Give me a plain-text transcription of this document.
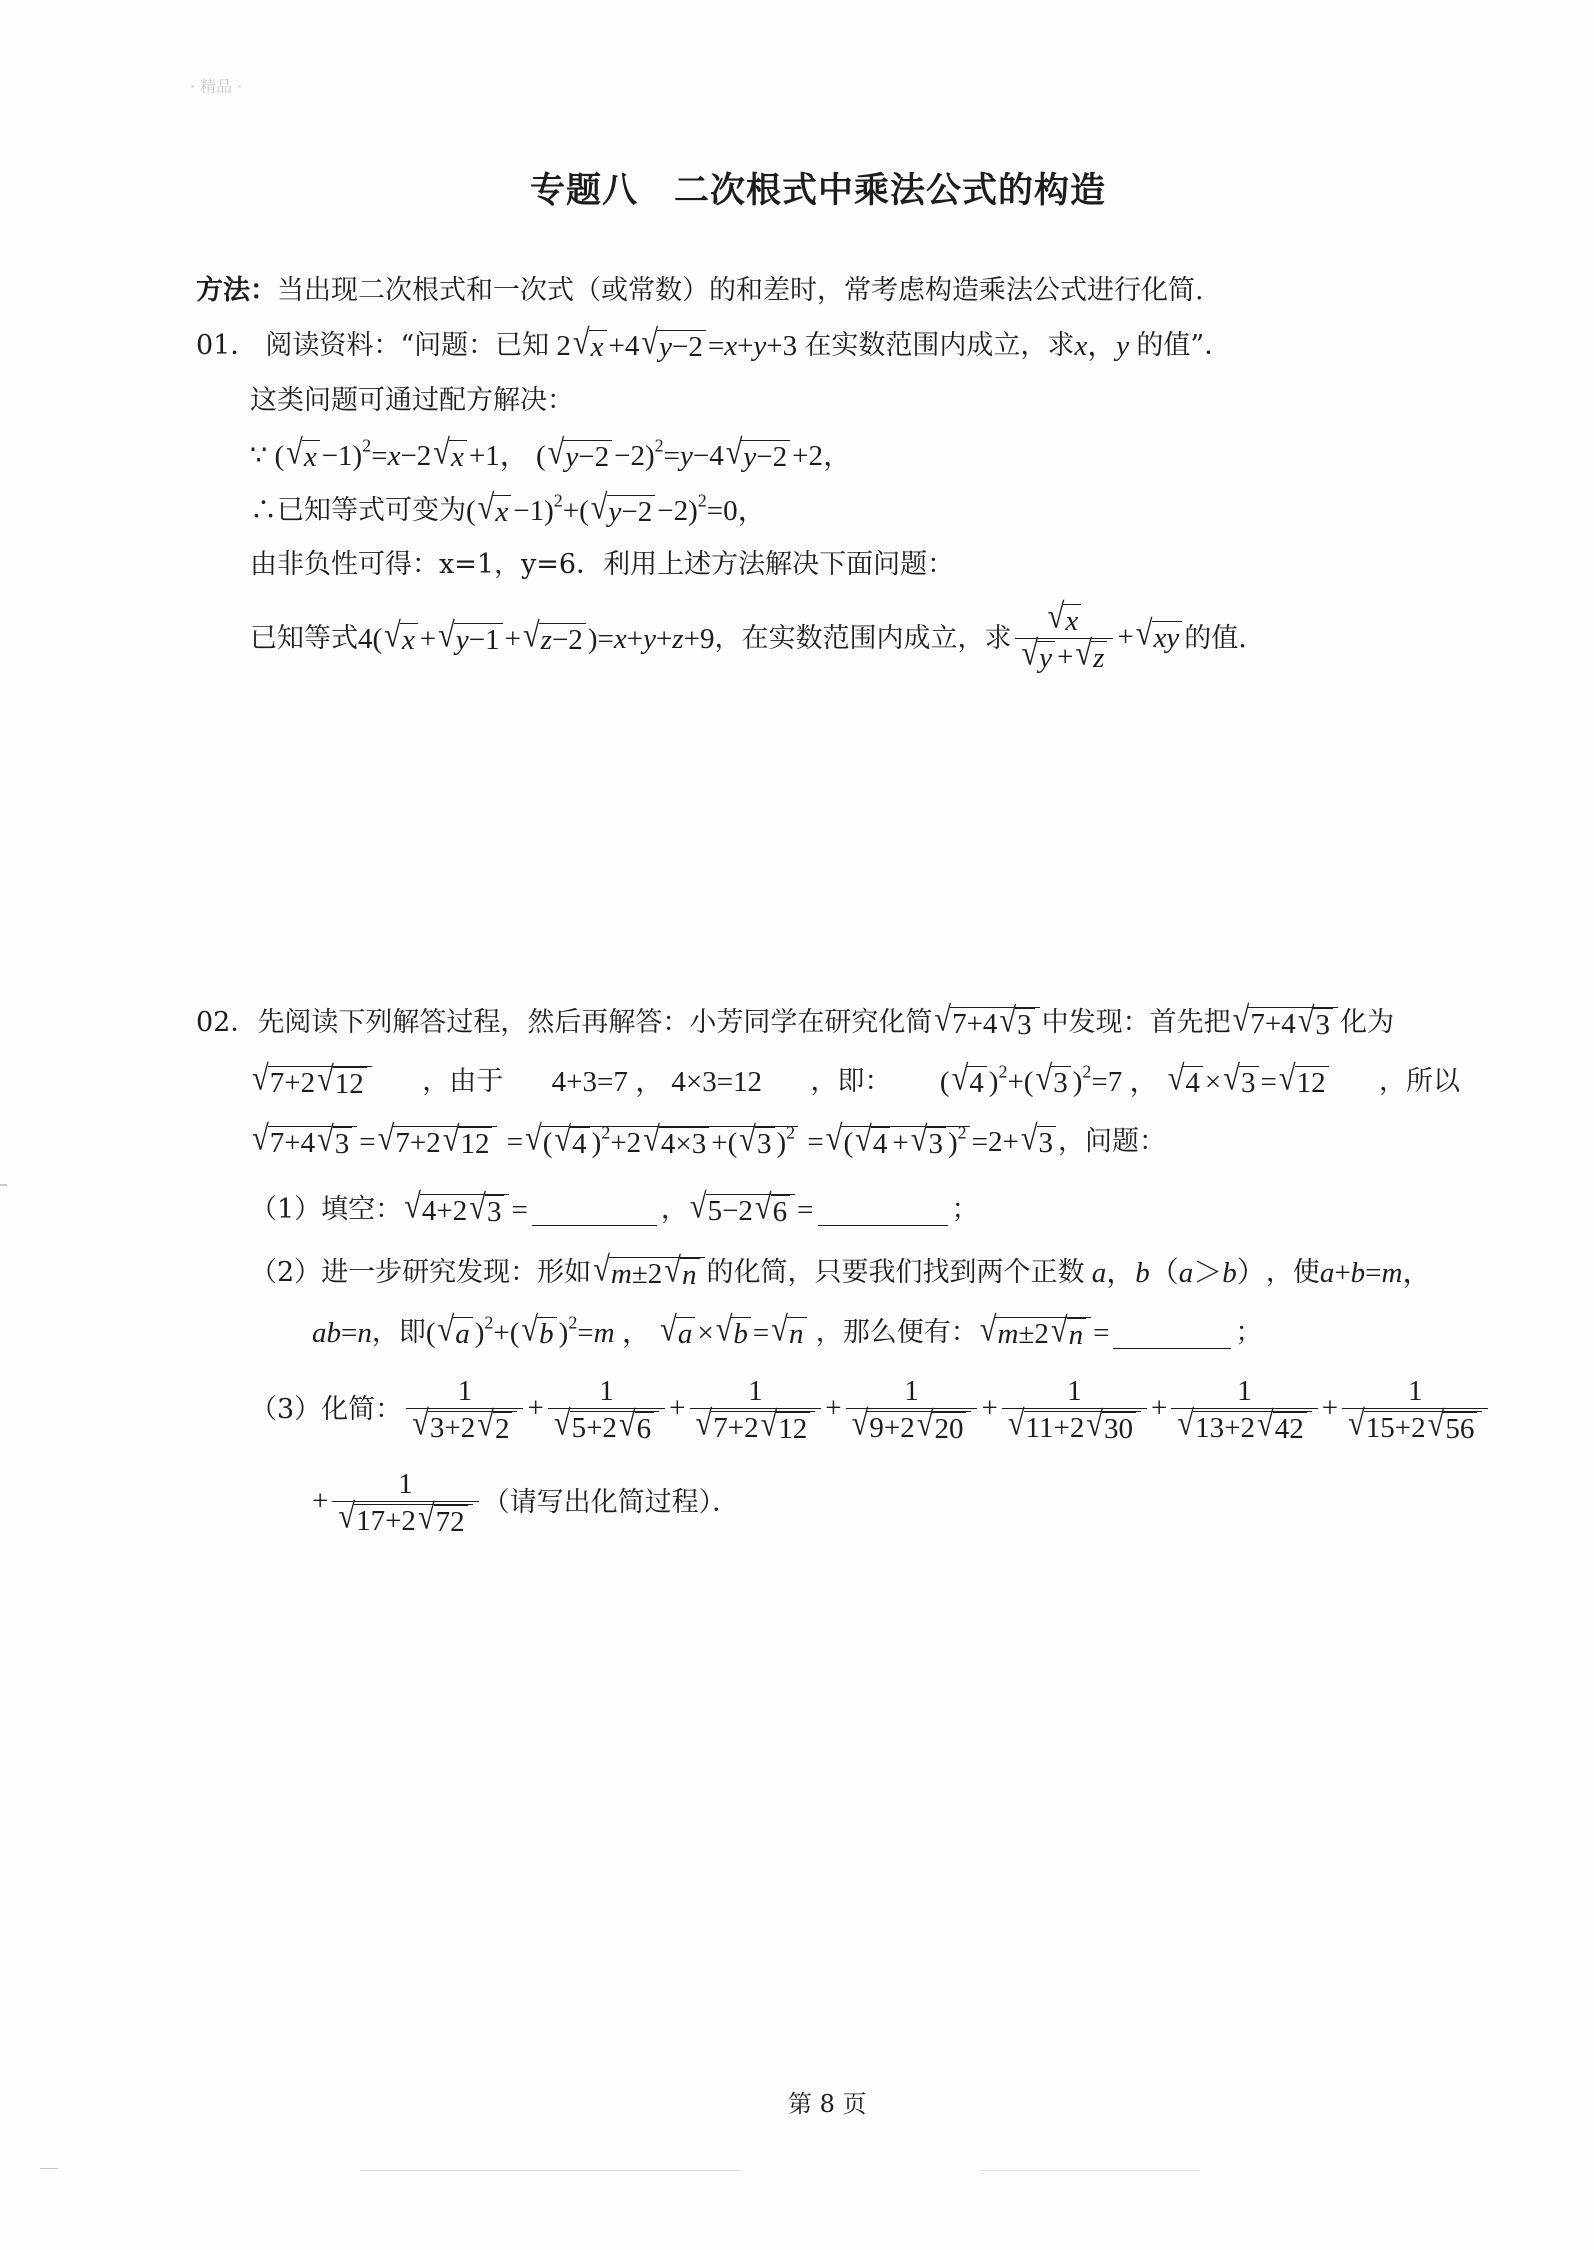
· 精品 ·
专题八　二次根式中乘法公式的构造
方法： 当出现二次根式和一次式（或常数）的和差时，常考虑构造乘法公式进行化简.
01． 阅读资料：“问题：已知 2 √ x +4 √ y−2 =x+y+3 在实数范围内成立，求 x，y 的值”．
这类问题可通过配方解决：
∵ ( √ x −1)$^2$=x−2 √ x +1， ( √ y−2 −2)$^2$=y−4 √ y−2 +2，
∴已知等式可变为 ( √ x −1)$^2$+( √ y−2 −2)$^2$=0，
由非负性可得：x=1，y=6．利用上述方法解决下面问题：
已知等式 4( √ x + √ y−1 + √ z−2 )=x+y+z+9 ，在实数范围内成立，求 $\frac{√ x}{√ y + √ z}$ + √ xy 的值.
02． 先阅读下列解答过程，然后再解答：小芳同学在研究化简 √ 7+4 √ 3 中发现：首先把 √ 7+4 √ 3 化为
√ 7+2 √ 12 ，由于 4+3=7 ， 4×3=12 ，即： ( √ 4 )$^2$+( √ 3 )$^2$=7 ， √ 4 × √ 3 = √ 12 ，所以
√ 7+4 √ 3 = √ 7+2 √ 12 = √ ( √ 4 )$^2$+2 √ 4×3 +( √ 3 )$^2$ = √ ( √ 4 + √ 3 )$^2$ =2+ √ 3 ，问题：
（1）填空： √ 4+2 √ 3 =	， √ 5−2 √ 6 =	；
（2） 进一步研究发现：形如 √ m±2 √ n 的化简，只要我们找到两个正数 a，b（a＞b） ，使 a+b=m，
ab=n ，即 ( √ a )$^2$+( √ b )$^2$=m ， √ a × √ b = √ n
，那么便有： √ m±2 √ n =	；
（3）化简： $\frac{1}{√ 3+2 √ 2} + \frac{1}{√ 5+2 √ 6} + \frac{1}{√ 7+2 √ 12} + \frac{1}{√ 9+2 √ 20} + \frac{1}{√ 11+2 √ 30} + \frac{1}{√ 13+2 √ 42} + \frac{1}{√ 15+2 √ 56}$
+ $\frac{1}{√ 17+2 √ 72}$ （请写出化简过程）．
第 8 页
